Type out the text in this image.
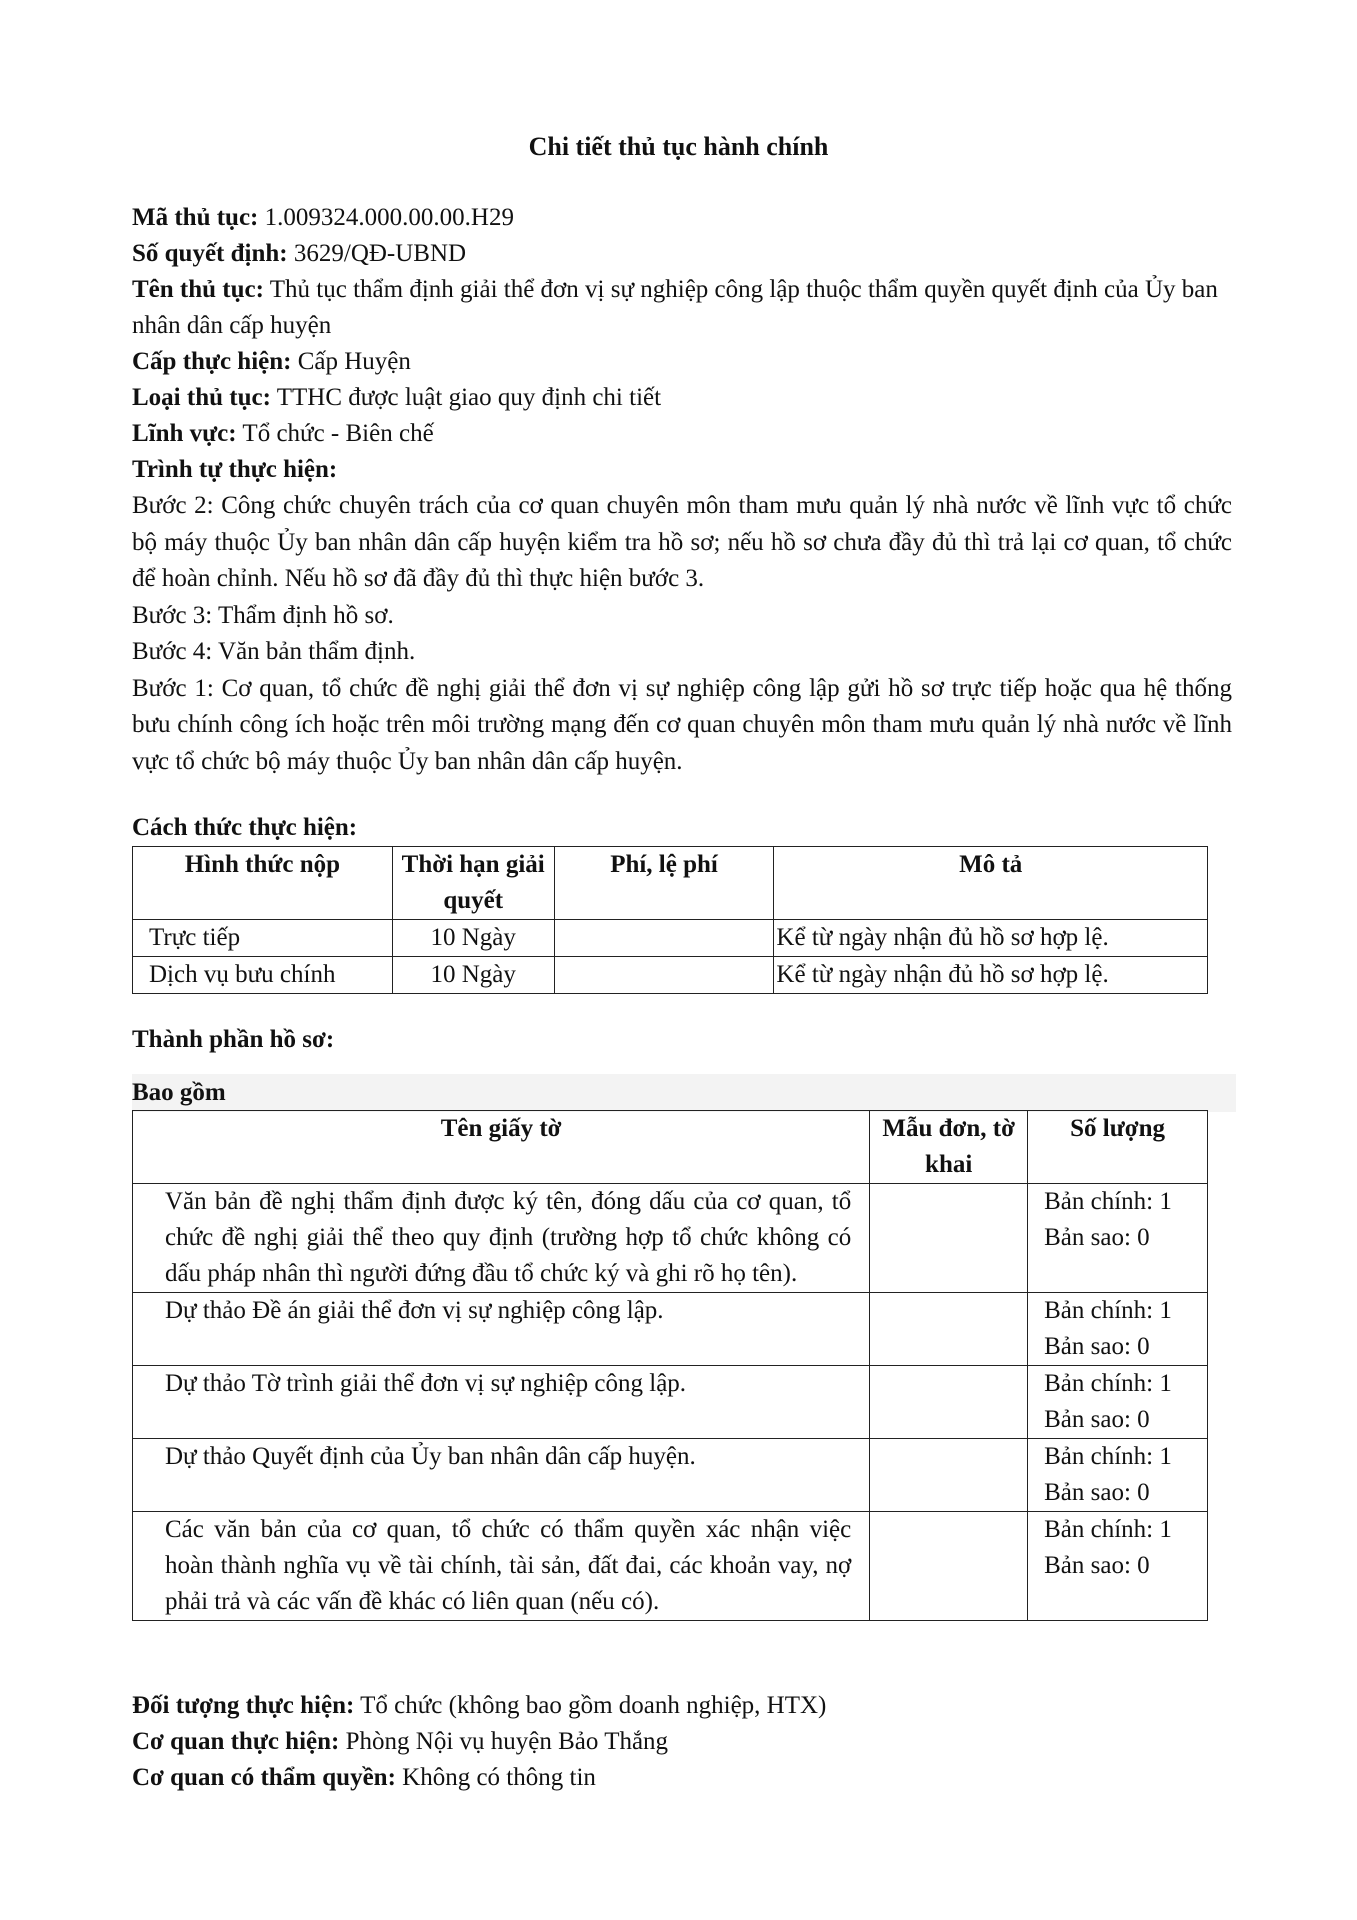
Chi tiết thủ tục hành chính
Mã thủ tục: 1.009324.000.00.00.H29
Số quyết định: 3629/QĐ-UBND
Tên thủ tục: Thủ tục thẩm định giải thể đơn vị sự nghiệp công lập thuộc thẩm quyền quyết định của Ủy ban nhân dân cấp huyện
Cấp thực hiện: Cấp Huyện
Loại thủ tục: TTHC được luật giao quy định chi tiết
Lĩnh vực: Tổ chức - Biên chế
Trình tự thực hiện:

Bước 2: Công chức chuyên trách của cơ quan chuyên môn tham mưu quản lý nhà nước về lĩnh vực tổ chức bộ máy thuộc Ủy ban nhân dân cấp huyện kiểm tra hồ sơ; nếu hồ sơ chưa đầy đủ thì trả lại cơ quan, tổ chức để hoàn chỉnh. Nếu hồ sơ đã đầy đủ thì thực hiện bước 3.

Bước 3: Thẩm định hồ sơ.

Bước 4: Văn bản thẩm định.

Bước 1: Cơ quan, tổ chức đề nghị giải thể đơn vị sự nghiệp công lập gửi hồ sơ trực tiếp hoặc qua hệ thống bưu chính công ích hoặc trên môi trường mạng đến cơ quan chuyên môn tham mưu quản lý nhà nước về lĩnh vực tổ chức bộ máy thuộc Ủy ban nhân dân cấp huyện.

Cách thức thực hiện:
Hình thức nộp	Thời hạn giải quyết	Phí, lệ phí	Mô tả
Trực tiếp	10 Ngày		Kể từ ngày nhận đủ hồ sơ hợp lệ.
Dịch vụ bưu chính	10 Ngày		Kể từ ngày nhận đủ hồ sơ hợp lệ.
Thành phần hồ sơ:
Bao gồm
Tên giấy tờ	Mẫu đơn, tờ khai	Số lượng
Văn bản đề nghị thẩm định được ký tên, đóng dấu của cơ quan, tổ chức đề nghị giải thể theo quy định (trường hợp tổ chức không có dấu pháp nhân thì người đứng đầu tổ chức ký và ghi rõ họ tên).		Bản chính: 1
Bản sao: 0

Dự thảo Đề án giải thể đơn vị sự nghiệp công lập.		Bản chính: 1
Bản sao: 0

Dự thảo Tờ trình giải thể đơn vị sự nghiệp công lập.		Bản chính: 1
Bản sao: 0

Dự thảo Quyết định của Ủy ban nhân dân cấp huyện.		Bản chính: 1
Bản sao: 0

Các văn bản của cơ quan, tổ chức có thẩm quyền xác nhận việc hoàn thành nghĩa vụ về tài chính, tài sản, đất đai, các khoản vay, nợ phải trả và các vấn đề khác có liên quan (nếu có).		Bản chính: 1
Bản sao: 0
Đối tượng thực hiện: Tổ chức (không bao gồm doanh nghiệp, HTX)
Cơ quan thực hiện: Phòng Nội vụ huyện Bảo Thắng
Cơ quan có thẩm quyền: Không có thông tin
